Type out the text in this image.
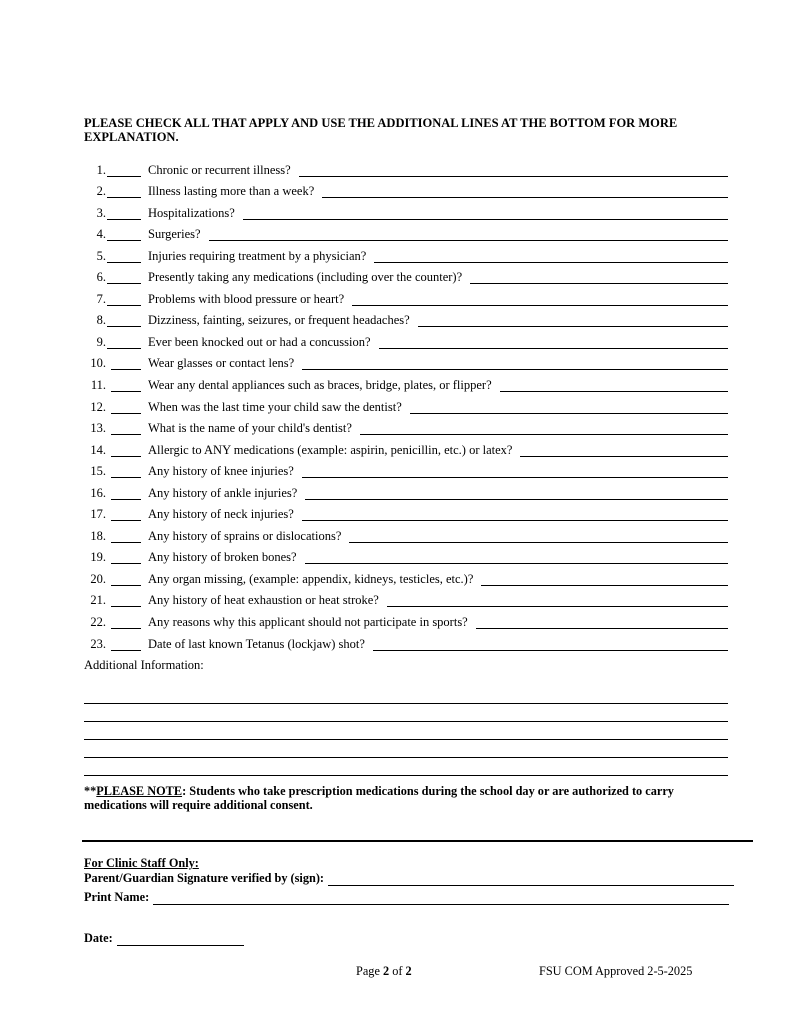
PLEASE CHECK ALL THAT APPLY AND USE THE ADDITIONAL LINES AT THE BOTTOM FOR MORE EXPLANATION.
1.	Chronic or recurrent illness?
2.	Illness lasting more than a week?
3.	Hospitalizations?
4.	Surgeries?
5.	Injuries requiring treatment by a physician?
6.	Presently taking any medications (including over the counter)?
7.	Problems with blood pressure or heart?
8.	Dizziness, fainting, seizures, or frequent headaches?
9.	Ever been knocked out or had a concussion?
10.	Wear glasses or contact lens?
11.	Wear any dental appliances such as braces, bridge, plates, or flipper?
12.	When was the last time your child saw the dentist?
13.	What is the name of your child's dentist?
14.	Allergic to ANY medications (example: aspirin, penicillin, etc.) or latex?
15.	Any history of knee injuries?
16.	Any history of ankle injuries?
17.	Any history of neck injuries?
18.	Any history of sprains or dislocations?
19.	Any history of broken bones?
20.	Any organ missing, (example: appendix, kidneys, testicles, etc.)?
21.	Any history of heat exhaustion or heat stroke?
22.	Any reasons why this applicant should not participate in sports?
23.	Date of last known Tetanus (lockjaw) shot?
Additional Information:
**PLEASE NOTE: Students who take prescription medications during the school day or are authorized to carry medications will require additional consent.
For Clinic Staff Only:
Parent/Guardian Signature verified by (sign):
Print Name:
Date:
Page 2 of 2	FSU COM Approved 2-5-2025
